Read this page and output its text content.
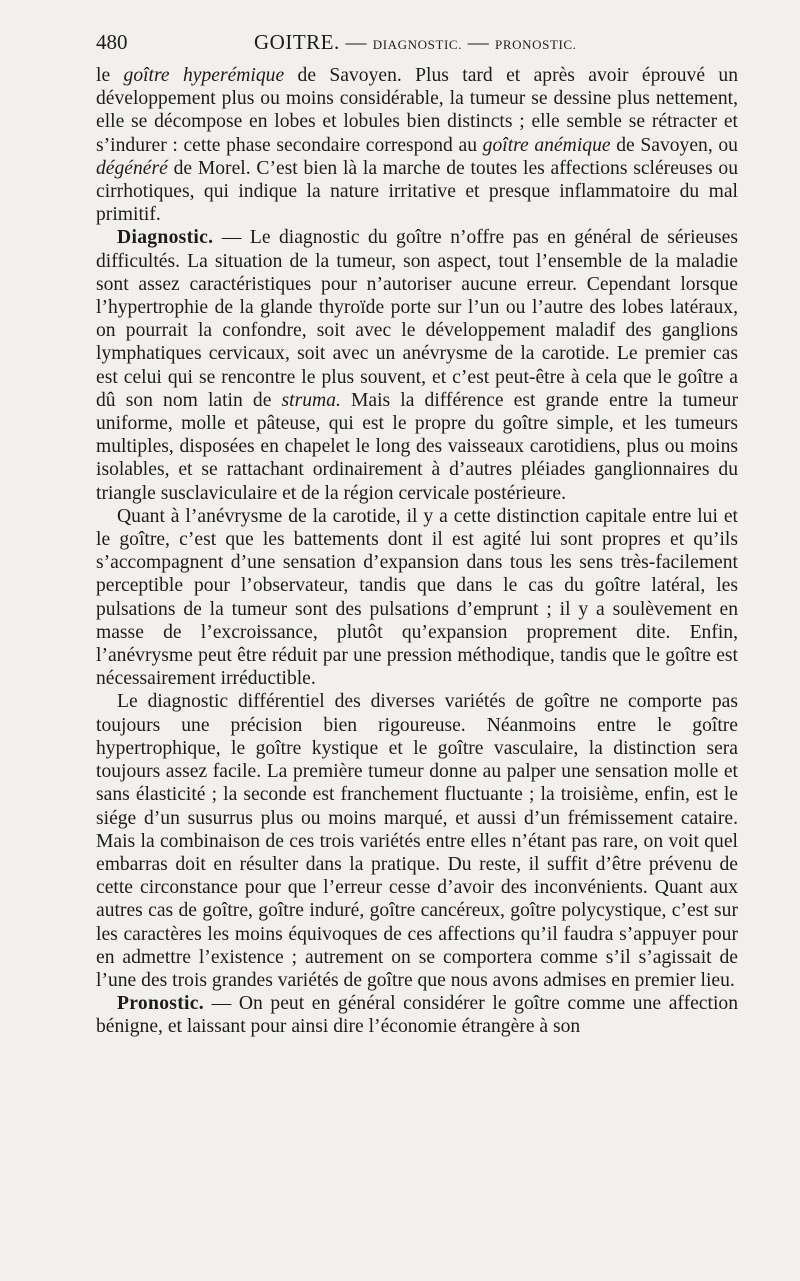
480	GOITRE. — DIAGNOSTIC. — PRONOSTIC.

le goître hyperémique de Savoyen. Plus tard et après avoir éprouvé un développement plus ou moins considérable, la tumeur se dessine plus nettement, elle se décompose en lobes et lobules bien distincts ; elle semble se rétracter et s’indurer : cette phase secondaire correspond au goître anémique de Savoyen, ou dégénéré de Morel. C’est bien là la marche de toutes les affections scléreuses ou cirrhotiques, qui indique la nature irritative et presque inflammatoire du mal primitif.

Diagnostic. — Le diagnostic du goître n’offre pas en général de sérieuses difficultés. La situation de la tumeur, son aspect, tout l’ensemble de la maladie sont assez caractéristiques pour n’autoriser aucune erreur. Cependant lorsque l’hypertrophie de la glande thyroïde porte sur l’un ou l’autre des lobes latéraux, on pourrait la confondre, soit avec le développement maladif des ganglions lymphatiques cervicaux, soit avec un anévrysme de la carotide. Le premier cas est celui qui se rencontre le plus souvent, et c’est peut-être à cela que le goître a dû son nom latin de struma. Mais la différence est grande entre la tumeur uniforme, molle et pâteuse, qui est le propre du goître simple, et les tumeurs multiples, disposées en chapelet le long des vaisseaux carotidiens, plus ou moins isolables, et se rattachant ordinairement à d’autres pléiades ganglionnaires du triangle susclaviculaire et de la région cervicale postérieure.

Quant à l’anévrysme de la carotide, il y a cette distinction capitale entre lui et le goître, c’est que les battements dont il est agité lui sont propres et qu’ils s’accompagnent d’une sensation d’expansion dans tous les sens très-facilement perceptible pour l’observateur, tandis que dans le cas du goître latéral, les pulsations de la tumeur sont des pulsations d’emprunt ; il y a soulèvement en masse de l’excroissance, plutôt qu’expansion proprement dite. Enfin, l’anévrysme peut être réduit par une pression méthodique, tandis que le goître est nécessairement irréductible.

Le diagnostic différentiel des diverses variétés de goître ne comporte pas toujours une précision bien rigoureuse. Néanmoins entre le goître hypertrophique, le goître kystique et le goître vasculaire, la distinction sera toujours assez facile. La première tumeur donne au palper une sensation molle et sans élasticité ; la seconde est franchement fluctuante ; la troisième, enfin, est le siége d’un susurrus plus ou moins marqué, et aussi d’un frémissement cataire. Mais la combinaison de ces trois variétés entre elles n’étant pas rare, on voit quel embarras doit en résulter dans la pratique. Du reste, il suffit d’être prévenu de cette circonstance pour que l’erreur cesse d’avoir des inconvénients. Quant aux autres cas de goître, goître induré, goître cancéreux, goître polycystique, c’est sur les caractères les moins équivoques de ces affections qu’il faudra s’appuyer pour en admettre l’existence ; autrement on se comportera comme s’il s’agissait de l’une des trois grandes variétés de goître que nous avons admises en premier lieu.

Pronostic. — On peut en général considérer le goître comme une affection bénigne, et laissant pour ainsi dire l’économie étrangère à son
